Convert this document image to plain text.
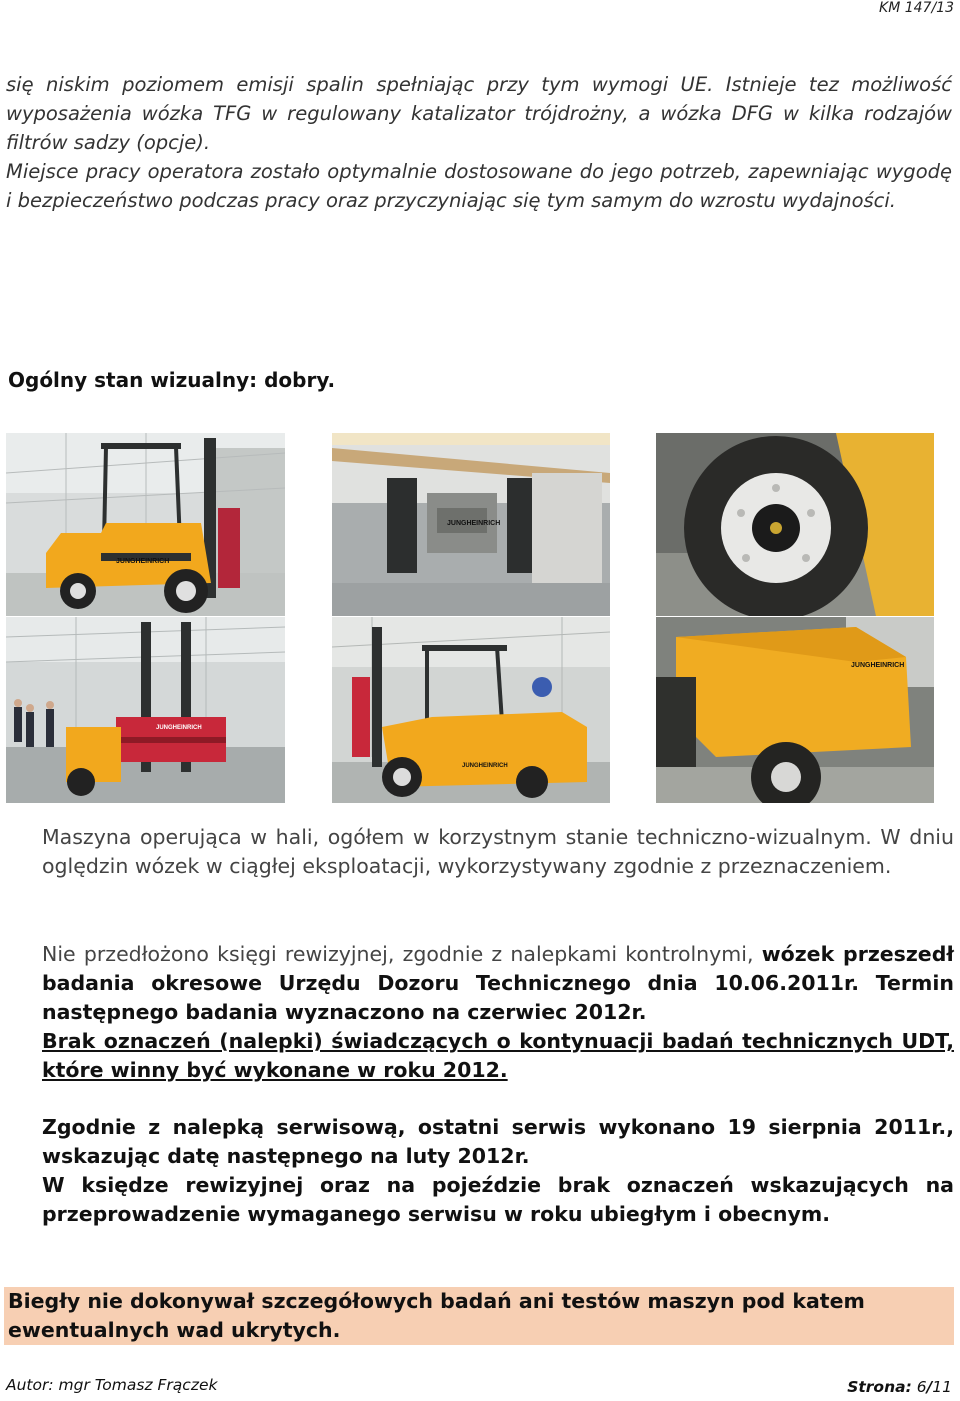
KM 147/13

się niskim poziomem emisji spalin spełniając przy tym wymogi UE. Istnieje tez możliwość wyposażenia wózka TFG w regulowany katalizator trójdrożny, a wózka DFG w kilka rodzajów filtrów sadzy (opcje).

Miejsce pracy operatora zostało optymalnie dostosowane do jego potrzeb, zapewniając wygodę i bezpieczeństwo podczas pracy oraz przyczyniając się tym samym do wzrostu wydajności.

Ogólny stan wizualny: dobry.
JUNGHEINRICH
JUNGHEINRICH
JUNGHEINRICH
JUNGHEINRICH
JUNGHEINRICH
Maszyna operująca w hali, ogółem w korzystnym stanie techniczno-wizualnym. W dniu oględzin wózek w ciągłej eksploatacji, wykorzystywany zgodnie z przeznaczeniem.
Nie przedłożono księgi rewizyjnej, zgodnie z nalepkami kontrolnymi, wózek przeszedł badania okresowe Urzędu Dozoru Technicznego dnia 10.06.2011r. Termin następnego badania wyznaczono na czerwiec 2012r.
Brak oznaczeń (nalepki) świadczących o kontynuacji badań technicznych UDT, które winny być wykonane w roku 2012.
Zgodnie z nalepką serwisową, ostatni serwis wykonano 19 sierpnia 2011r., wskazując datę następnego na luty 2012r.
W księdze rewizyjnej oraz na pojeździe brak oznaczeń wskazujących na przeprowadzenie wymaganego serwisu w roku ubiegłym i obecnym.
Biegły nie dokonywał szczegółowych badań ani testów maszyn pod katem ewentualnych wad ukrytych.
Autor: mgr Tomasz Frączek	Strona: 6/11
